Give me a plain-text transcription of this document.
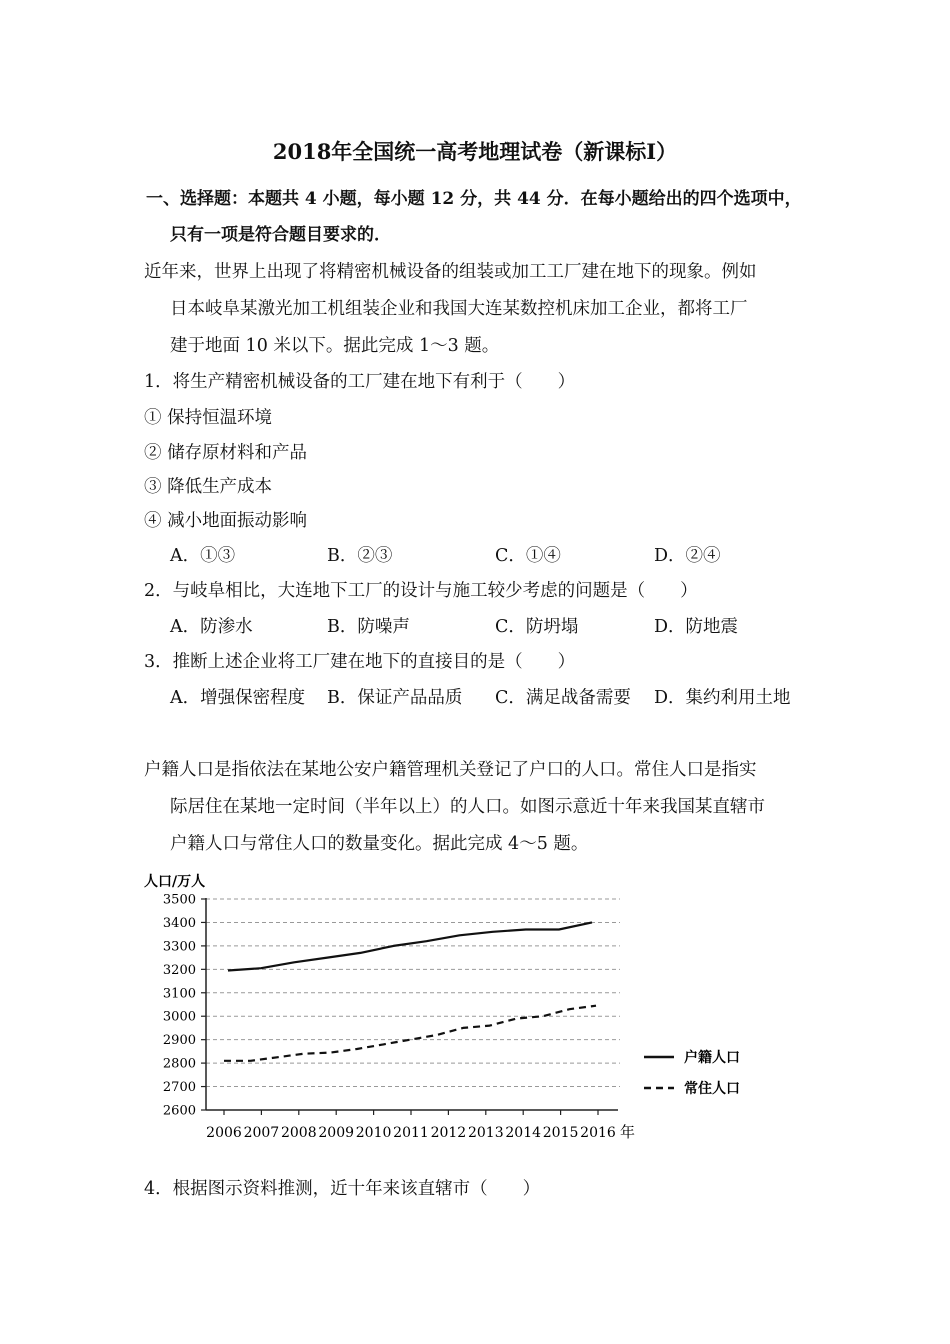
2018年全国统一高考地理试卷（新课标Ⅰ）
一、选择题：本题共 4 小题，每小题 12 分，共 44 分．在每小题给出的四个选项中，
只有一项是符合题目要求的．
近年来，世界上出现了将精密机械设备的组装或加工工厂建在地下的现象。例如
日本岐阜某激光加工机组装企业和我国大连某数控机床加工企业，都将工厂
建于地面 10 米以下。据此完成 1～3 题。
1．将生产精密机械设备的工厂建在地下有利于（　　）
① 保持恒温环境
② 储存原材料和产品
③ 降低生产成本
④ 减小地面振动影响
A．①③	B．②③	C．①④	D．②④
2．与岐阜相比，大连地下工厂的设计与施工较少考虑的问题是（　　）
A．防渗水	B．防噪声	C．防坍塌	D．防地震
3．推断上述企业将工厂建在地下的直接目的是（　　）
A．增强保密程度 B．保证产品品质 C．满足战备需要 D．集约利用土地
户籍人口是指依法在某地公安户籍管理机关登记了户口的人口。常住人口是指实
际居住在某地一定时间（半年以上）的人口。如图示意近十年来我国某直辖市
户籍人口与常住人口的数量变化。据此完成 4～5 题。
人口/万人
2600
2700
2800
2900
3000
3100
3200
3300
3400
3500
2006 2007 2008 2009 2010 2011 2012 2013 2014 2015 2016 年
户籍人口
常住人口
4．根据图示资料推测，近十年来该直辖市（　　）
